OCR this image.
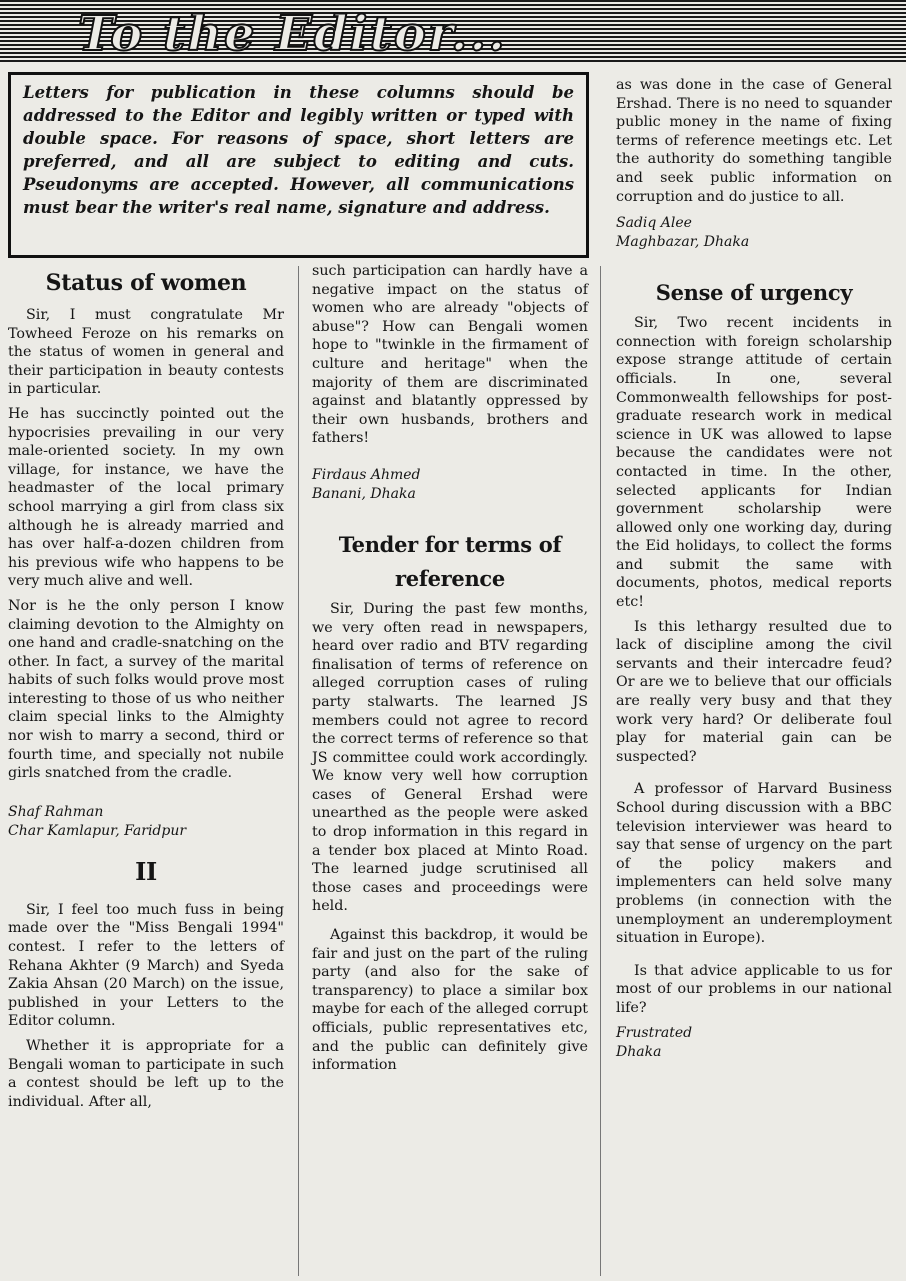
To the Editor...
Letters for publication in these columns should be addressed to the Editor and legibly written or typed with double space. For reasons of space, short letters are preferred, and all are subject to editing and cuts. Pseudonyms are accepted. However, all communications must bear the writer's real name, signature and address.
Status of women

Sir, I must congratulate Mr Towheed Feroze on his remarks on the status of women in general and their participation in beauty contests in particular.

He has succinctly pointed out the hypocrisies prevailing in our very male-oriented society. In my own village, for instance, we have the headmaster of the local primary school marrying a girl from class six although he is already married and has over half-a-dozen children from his previous wife who happens to be very much alive and well.

Nor is he the only person I know claiming devotion to the Almighty on one hand and cradle-snatching on the other. In fact, a survey of the marital habits of such folks would prove most interesting to those of us who neither claim special links to the Almighty nor wish to marry a second, third or fourth time, and specially not nubile girls snatched from the cradle.

Shaf Rahman
Char Kamlapur, Faridpur
II

Sir, I feel too much fuss in being made over the "Miss Bengali 1994" contest. I refer to the letters of Rehana Akhter (9 March) and Syeda Zakia Ahsan (20 March) on the issue, published in your Letters to the Editor column.

Whether it is appropriate for a Bengali woman to participate in such a contest should be left up to the individual. After all,

such participation can hardly have a negative impact on the status of women who are already "objects of abuse"? How can Bengali women hope to "twinkle in the firmament of culture and heritage" when the majority of them are discriminated against and blatantly oppressed by their own husbands, brothers and fathers!

Firdaus Ahmed
Banani, Dhaka
Tender for terms of
reference

Sir, During the past few months, we very often read in newspapers, heard over radio and BTV regarding finalisation of terms of reference on alleged corruption cases of ruling party stalwarts. The learned JS members could not agree to record the correct terms of reference so that JS committee could work accordingly. We know very well how corruption cases of General Ershad were unearthed as the people were asked to drop information in this regard in a tender box placed at Minto Road. The learned judge scrutinised all those cases and proceedings were held.

Against this backdrop, it would be fair and just on the part of the ruling party (and also for the sake of transparency) to place a similar box maybe for each of the alleged corrupt officials, public representatives etc, and the public can definitely give information

as was done in the case of General Ershad. There is no need to squander public money in the name of fixing terms of reference meetings etc. Let the authority do something tangible and seek public information on corruption and do justice to all.

Sadiq Alee
Maghbazar, Dhaka
Sense of urgency

Sir, Two recent incidents in connection with foreign scholarship expose strange attitude of certain officials. In one, several Commonwealth fellowships for post-graduate research work in medical science in UK was allowed to lapse because the candidates were not contacted in time. In the other, selected applicants for Indian government scholarship were allowed only one working day, during the Eid holidays, to collect the forms and submit the same with documents, photos, medical reports etc!

Is this lethargy resulted due to lack of discipline among the civil servants and their intercadre feud? Or are we to believe that our officials are really very busy and that they work very hard? Or deliberate foul play for material gain can be suspected?

A professor of Harvard Business School during discussion with a BBC television interviewer was heard to say that sense of urgency on the part of the policy makers and implementers can held solve many problems (in connection with the unemployment an underemployment situation in Europe).

Is that advice applicable to us for most of our problems in our national life?

Frustrated
Dhaka
